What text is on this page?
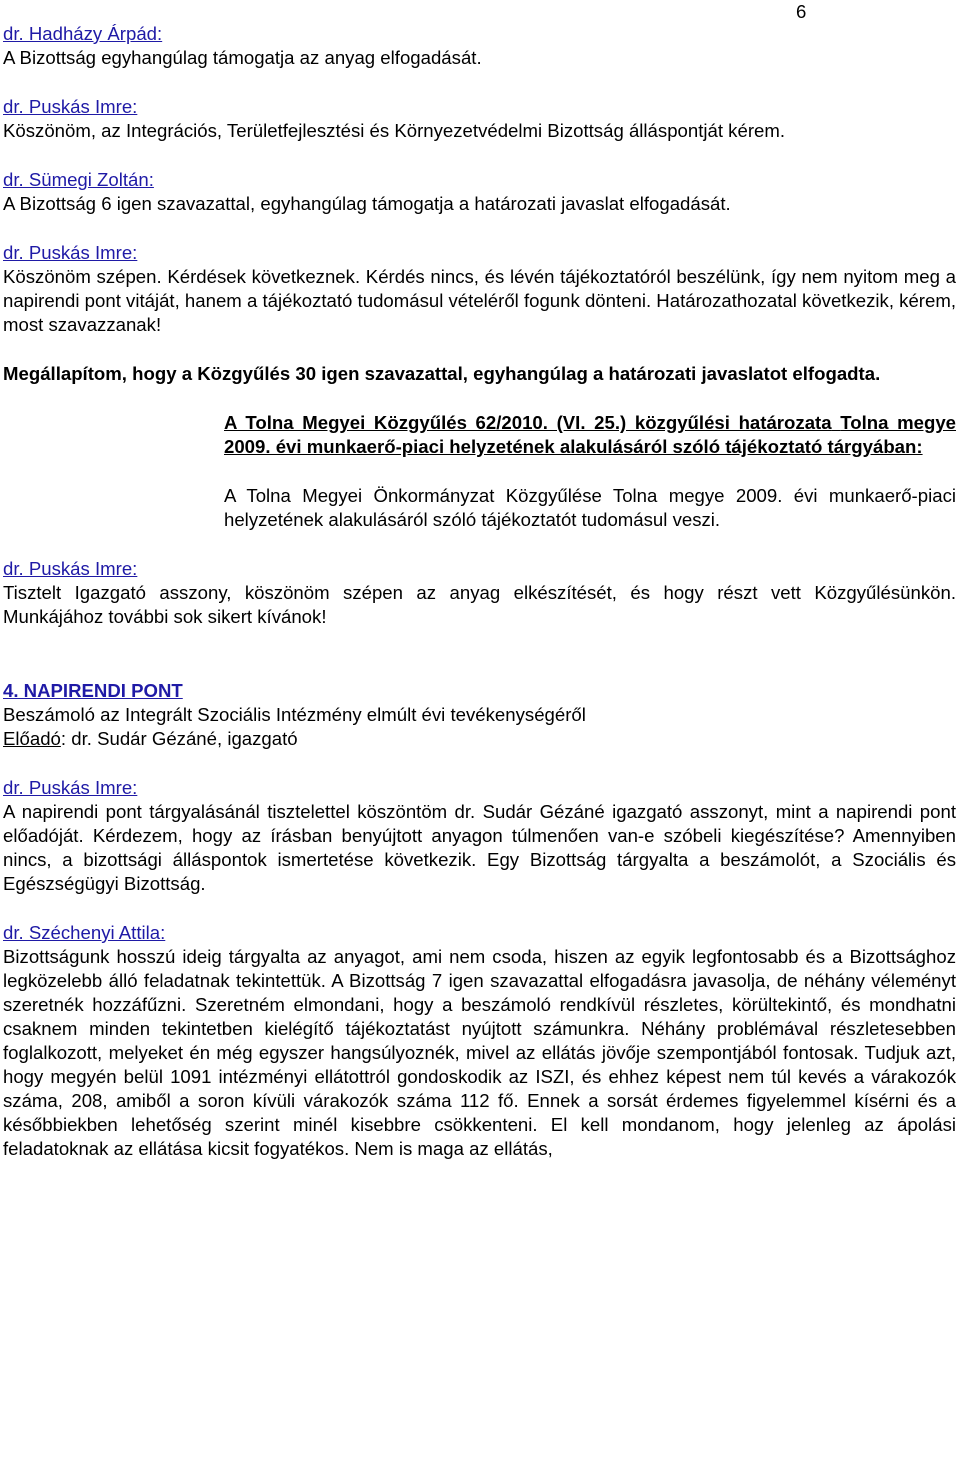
6
dr. Hadházy Árpád:

A Bizottság egyhangúlag támogatja az anyag elfogadását.

dr. Puskás Imre:

Köszönöm, az Integrációs, Területfejlesztési és Környezetvédelmi Bizottság álláspontját kérem.

dr. Sümegi Zoltán:

A Bizottság 6 igen szavazattal, egyhangúlag támogatja a határozati javaslat elfogadását.

dr. Puskás Imre:

Köszönöm szépen. Kérdések következnek. Kérdés nincs, és lévén tájékoztatóról beszélünk, így nem nyitom meg a napirendi pont vitáját, hanem a tájékoztató tudomásul vételéről fogunk dönteni. Határozathozatal következik, kérem, most szavazzanak!

Megállapítom, hogy a Közgyűlés 30 igen szavazattal, egyhangúlag a határozati javaslatot elfogadta.

A Tolna Megyei Közgyűlés 62/2010. (VI. 25.) közgyűlési határozata Tolna megye 2009. évi munkaerő-piaci helyzetének alakulásáról szóló tájékoztató tárgyában:

A Tolna Megyei Önkormányzat Közgyűlése Tolna megye 2009. évi munkaerő-piaci helyzetének alakulásáról szóló tájékoztatót tudomásul veszi.

dr. Puskás Imre:

Tisztelt Igazgató asszony, köszönöm szépen az anyag elkészítését, és hogy részt vett Közgyűlésünkön. Munkájához további sok sikert kívánok!

4. NAPIRENDI PONT

Beszámoló az Integrált Szociális Intézmény elmúlt évi tevékenységéről

Előadó: dr. Sudár Gézáné, igazgató

dr. Puskás Imre:

A napirendi pont tárgyalásánál tisztelettel köszöntöm dr. Sudár Gézáné igazgató asszonyt, mint a napirendi pont előadóját. Kérdezem, hogy az írásban benyújtott anyagon túlmenően van-e szóbeli kiegészítése? Amennyiben nincs, a bizottsági álláspontok ismertetése következik. Egy Bizottság tárgyalta a beszámolót, a Szociális és Egészségügyi Bizottság.

dr. Széchenyi Attila:

Bizottságunk hosszú ideig tárgyalta az anyagot, ami nem csoda, hiszen az egyik legfontosabb és a Bizottsághoz legközelebb álló feladatnak tekintettük. A Bizottság 7 igen szavazattal elfogadásra javasolja, de néhány véleményt szeretnék hozzáfűzni. Szeretném elmondani, hogy a beszámoló rendkívül részletes, körültekintő, és mondhatni csaknem minden tekintetben kielégítő tájékoztatást nyújtott számunkra. Néhány problémával részletesebben foglalkozott, melyeket én még egyszer hangsúlyoznék, mivel az ellátás jövője szempontjából fontosak. Tudjuk azt, hogy megyén belül 1091 intézményi ellátottról gondoskodik az ISZI, és ehhez képest nem túl kevés a várakozók száma, 208, amiből a soron kívüli várakozók száma 112 fő. Ennek a sorsát érdemes figyelemmel kísérni és a későbbiekben lehetőség szerint minél kisebbre csökkenteni. El kell mondanom, hogy jelenleg az ápolási feladatoknak az ellátása kicsit fogyatékos. Nem is maga az ellátás,
